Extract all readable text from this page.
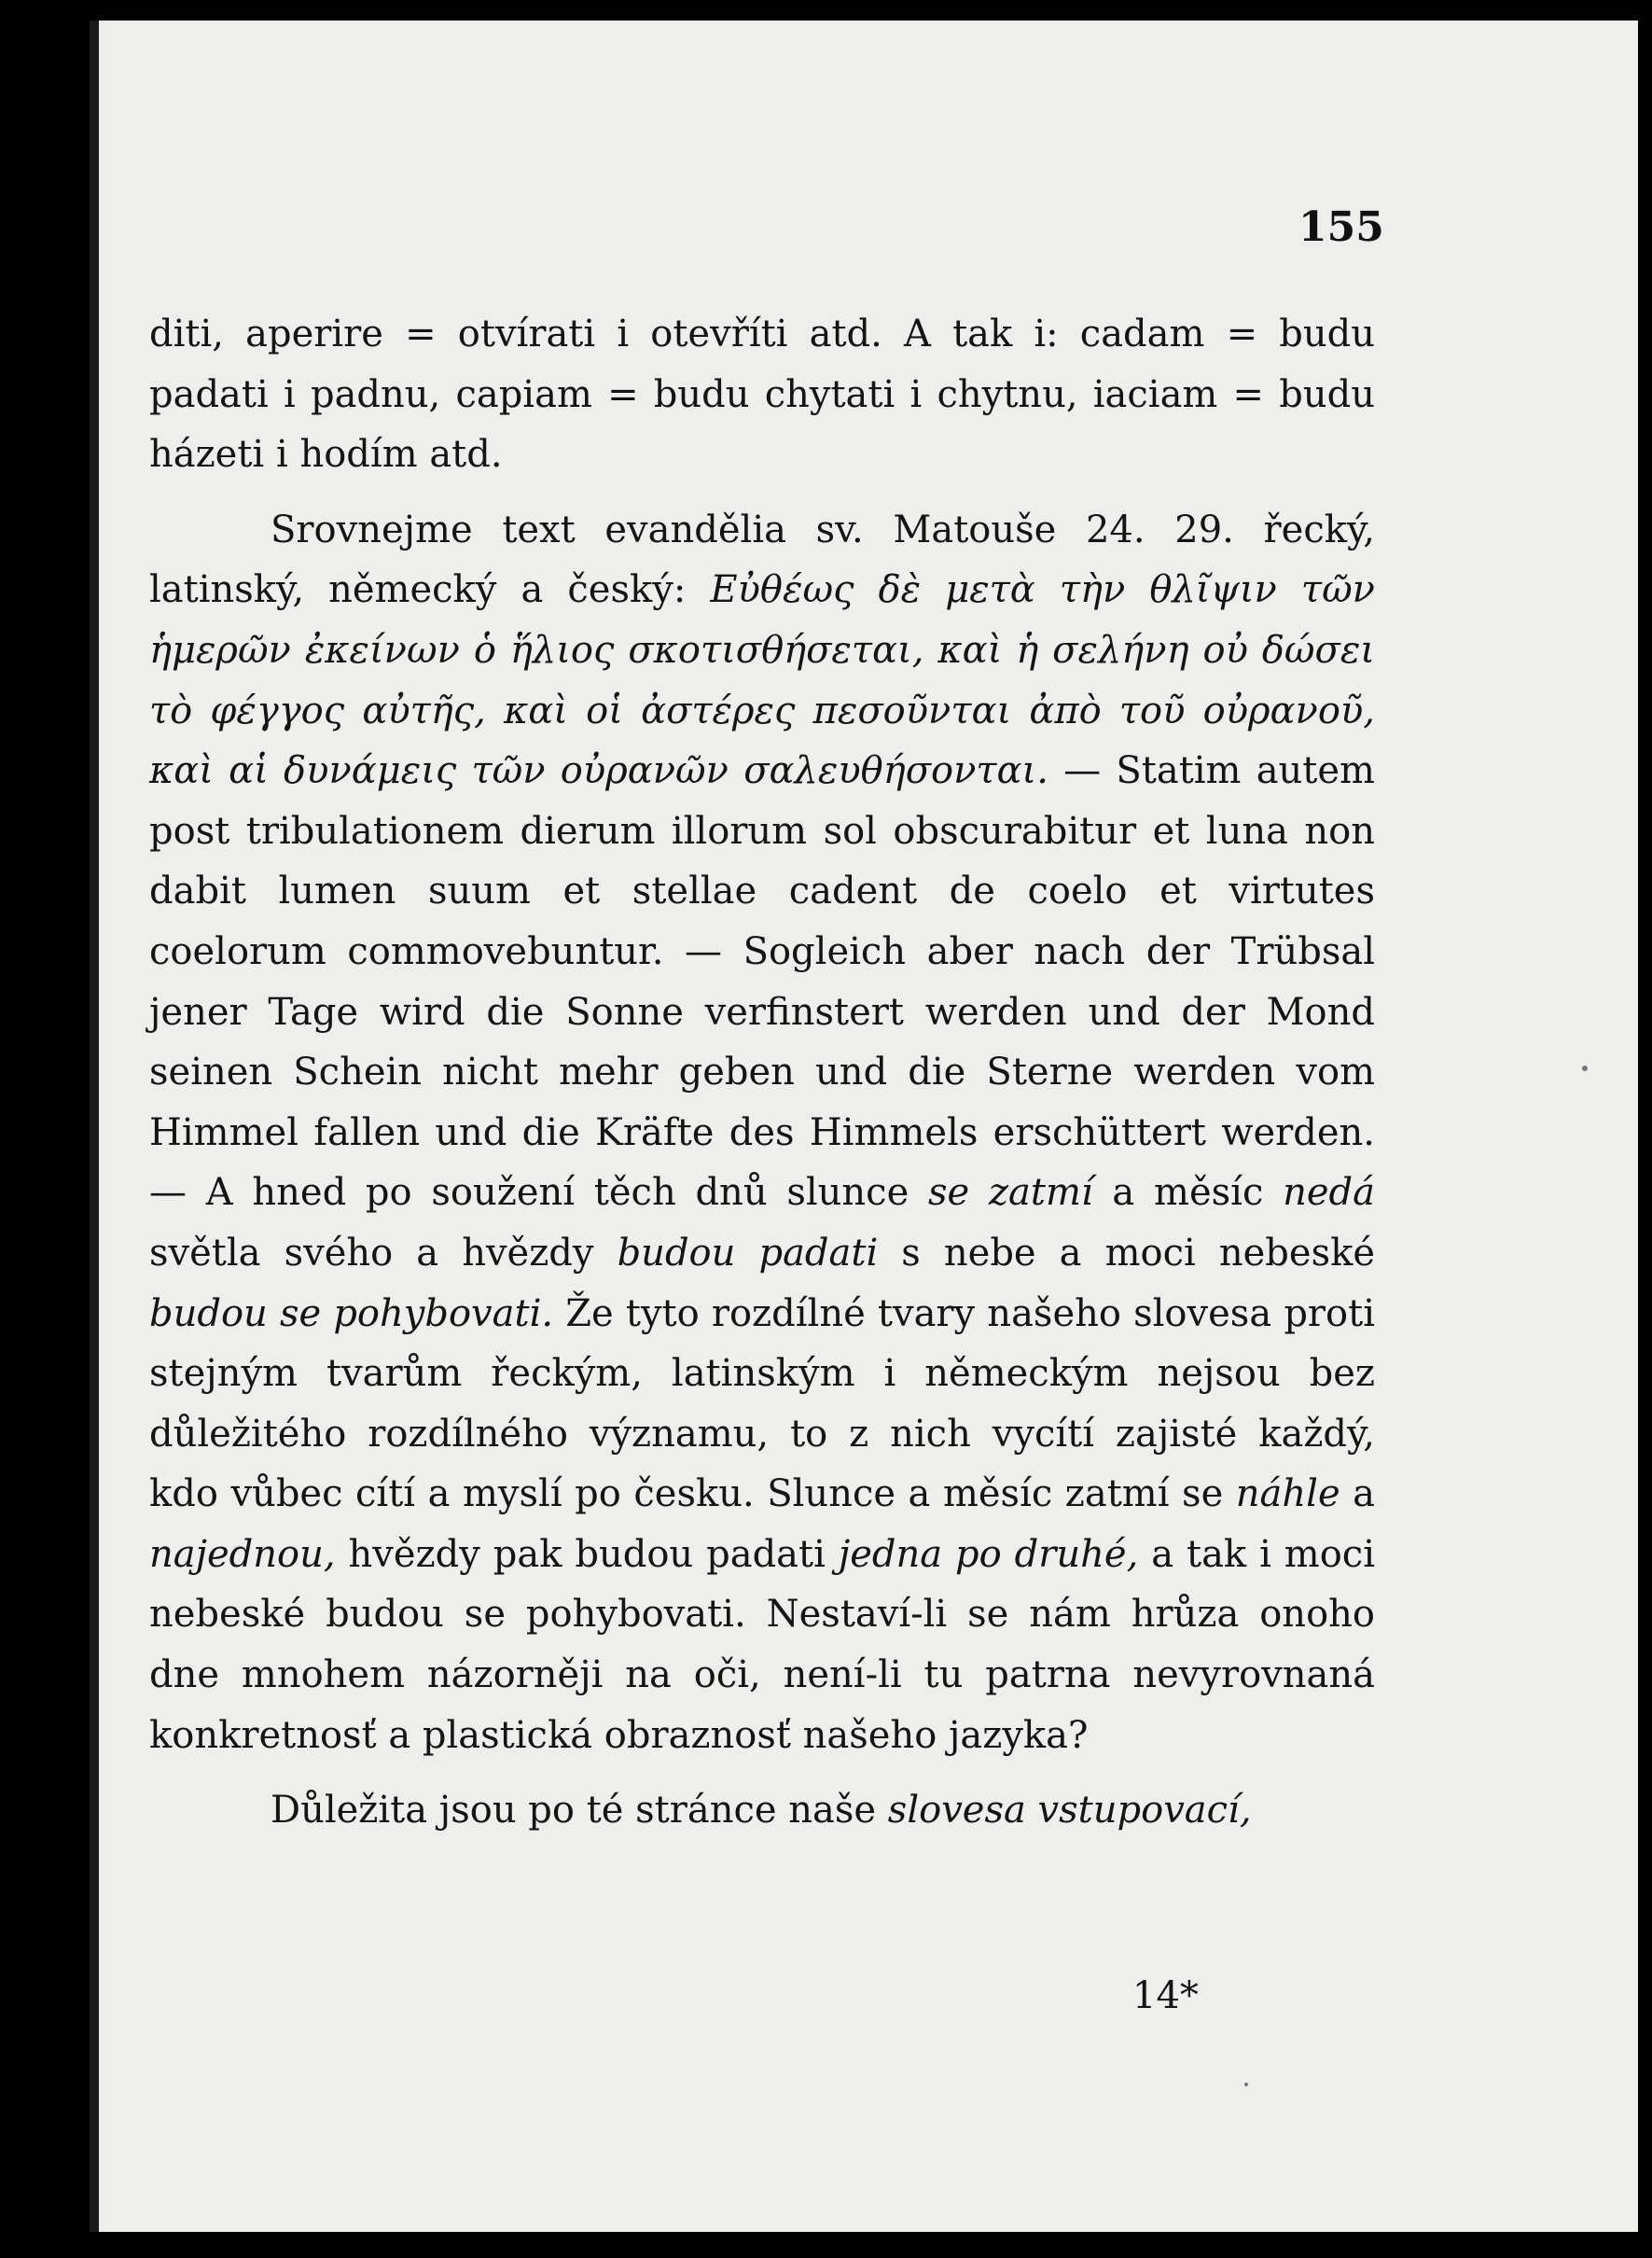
155

diti, aperire = otvírati i otevříti atd. A tak i: cadam = budu padati i padnu, capiam = budu chytati i chytnu, iaciam = budu házeti i hodím atd.

Srovnejme text evandělia sv. Matouše 24. 29. řecký, latinský, německý a český: Εὐθέως δὲ μετὰ τὴν θλῖψιν τῶν ἡμερῶν ἐκείνων ὁ ἥλιος σκοτισθήσεται, καὶ ἡ σελήνη οὐ δώσει τὸ φέγγος αὐτῆς, καὶ οἱ ἀστέρες πεσοῦνται ἀπὸ τοῦ οὐρανοῦ, καὶ αἱ δυνάμεις τῶν οὐρανῶν σαλευθήσονται. — Statim autem post tribulationem dierum illorum sol obscurabitur et luna non dabit lumen suum et stellae cadent de coelo et virtutes coelorum commovebuntur. — Sogleich aber nach der Trübsal jener Tage wird die Sonne verfinstert werden und der Mond seinen Schein nicht mehr geben und die Sterne werden vom Himmel fallen und die Kräfte des Himmels erschüttert werden. — A hned po soužení těch dnů slunce se zatmí a měsíc nedá světla svého a hvězdy budou padati s nebe a moci nebeské budou se pohybovati. Že tyto rozdílné tvary našeho slovesa proti stejným tvarům řeckým, latinským i německým nejsou bez důležitého rozdílného významu, to z nich vycítí zajisté každý, kdo vůbec cítí a myslí po česku. Slunce a měsíc zatmí se náhle a najednou, hvězdy pak budou padati jedna po druhé, a tak i moci nebeské budou se pohybovati. Nestaví-li se nám hrůza onoho dne mnohem názorněji na oči, není-li tu patrna nevyrovnaná konkretnosť a plastická obraznosť našeho jazyka?

Důležita jsou po té stránce naše slovesa vstupovací,

14*
